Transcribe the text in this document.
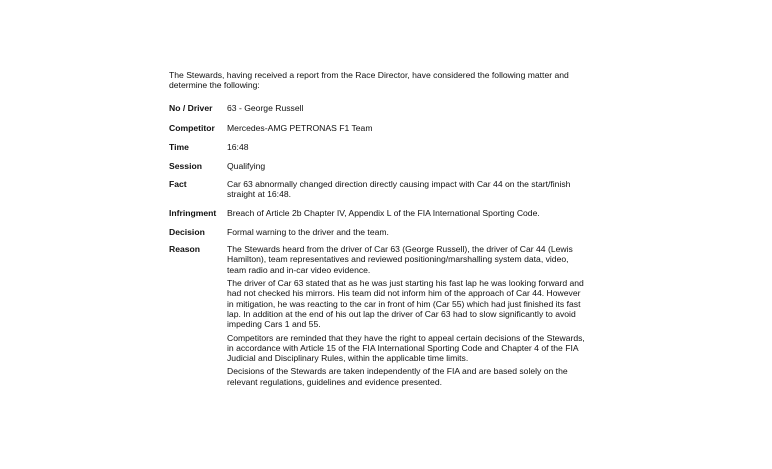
The Stewards, having received a report from the Race Director, have considered the following matter and determine the following:

No / Driver	63 - George Russell
Competitor	Mercedes-AMG PETRONAS F1 Team
Time	16:48
Session	Qualifying
Fact	Car 63 abnormally changed direction directly causing impact with Car 44 on the start/finish straight at 16:48.
Infringment	Breach of Article 2b Chapter IV, Appendix L of the FIA International Sporting Code.
Decision	Formal warning to the driver and the team.
Reason	The Stewards heard from the driver of Car 63 (George Russell), the driver of Car 44 (Lewis Hamilton), team representatives and reviewed positioning/marshalling system data, video, team radio and in-car video evidence.

The driver of Car 63 stated that as he was just starting his fast lap he was looking forward and had not checked his mirrors. His team did not inform him of the approach of Car 44. However in mitigation, he was reacting to the car in front of him (Car 55) which had just finished its fast lap. In addition at the end of his out lap the driver of Car 63 had to slow significantly to avoid impeding Cars 1 and 55.

Competitors are reminded that they have the right to appeal certain decisions of the Stewards, in accordance with Article 15 of the FIA International Sporting Code and Chapter 4 of the FIA Judicial and Disciplinary Rules, within the applicable time limits.

Decisions of the Stewards are taken independently of the FIA and are based solely on the relevant regulations, guidelines and evidence presented.
